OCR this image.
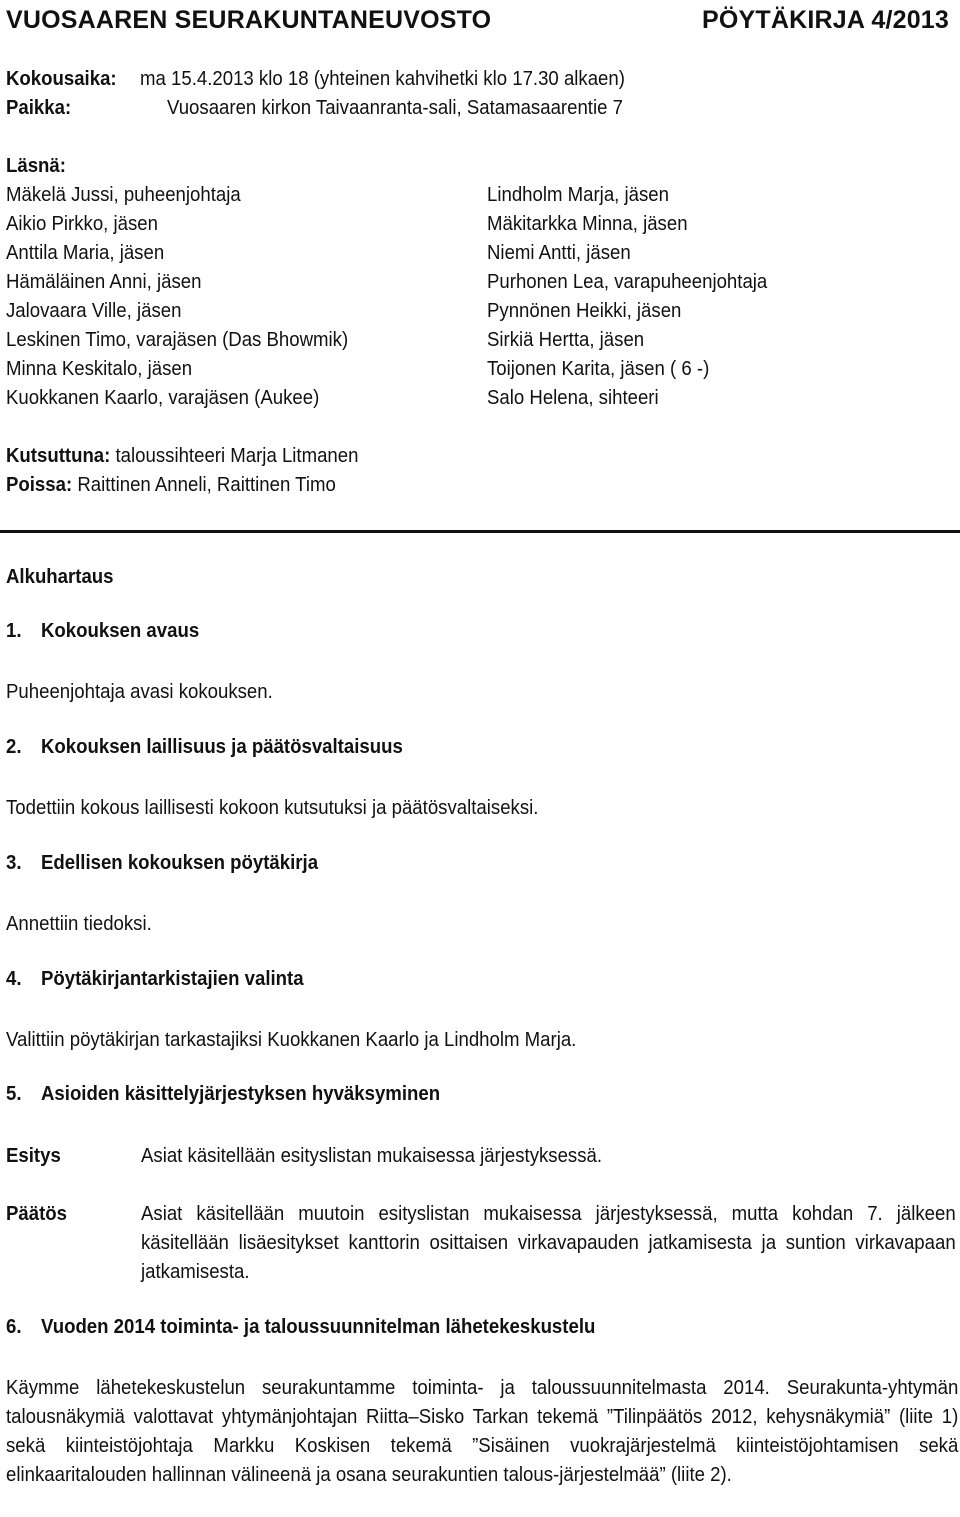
VUOSAAREN SEURAKUNTANEUVOSTO	PÖYTÄKIRJA 4/2013
Kokousaika: ma 15.4.2013 klo 18 (yhteinen kahvihetki klo 17.30 alkaen)
Paikka:	Vuosaaren kirkon Taivaanranta-sali, Satamasaarentie 7
Läsnä:
Mäkelä Jussi, puheenjohtaja
Aikio Pirkko, jäsen
Anttila Maria, jäsen
Hämäläinen Anni, jäsen
Jalovaara Ville, jäsen
Leskinen Timo, varajäsen (Das Bhowmik)
Minna Keskitalo, jäsen
Kuokkanen Kaarlo, varajäsen (Aukee)
Lindholm Marja, jäsen
Mäkitarkka Minna, jäsen
Niemi Antti, jäsen
Purhonen Lea, varapuheenjohtaja
Pynnönen Heikki, jäsen
Sirkiä Hertta, jäsen
Toijonen Karita, jäsen ( 6 -)
Salo Helena, sihteeri
Kutsuttuna: taloussihteeri Marja Litmanen
Poissa: Raittinen Anneli, Raittinen Timo
Alkuhartaus
1. Kokouksen avaus
Puheenjohtaja avasi kokouksen.
2. Kokouksen laillisuus ja päätösvaltaisuus
Todettiin kokous laillisesti kokoon kutsutuksi ja päätösvaltaiseksi.
3. Edellisen kokouksen pöytäkirja
Annettiin tiedoksi.
4. Pöytäkirjantarkistajien valinta
Valittiin pöytäkirjan tarkastajiksi Kuokkanen Kaarlo ja Lindholm Marja.
5. Asioiden käsittelyjärjestyksen hyväksyminen
Esitys	Asiat käsitellään esityslistan mukaisessa järjestyksessä.
Päätös	Asiat käsitellään muutoin esityslistan mukaisessa järjestyksessä, mutta kohdan 7. jälkeen käsitellään lisäesitykset kanttorin osittaisen virkavapauden jatkamisesta ja suntion virkavapaan jatkamisesta.
6. Vuoden 2014 toiminta- ja taloussuunnitelman lähetekeskustelu
Käymme lähetekeskustelun seurakuntamme toiminta- ja taloussuunnitelmasta 2014. Seurakunta-yhtymän talousnäkymiä valottavat yhtymänjohtajan Riitta–Sisko Tarkan tekemä ”Tilinpäätös 2012, kehysnäkymiä” (liite 1) sekä kiinteistöjohtaja Markku Koskisen tekemä ”Sisäinen vuokrajärjestelmä kiinteistöjohtamisen sekä elinkaaritalouden hallinnan välineenä ja osana seurakuntien talous-järjestelmää” (liite 2).
